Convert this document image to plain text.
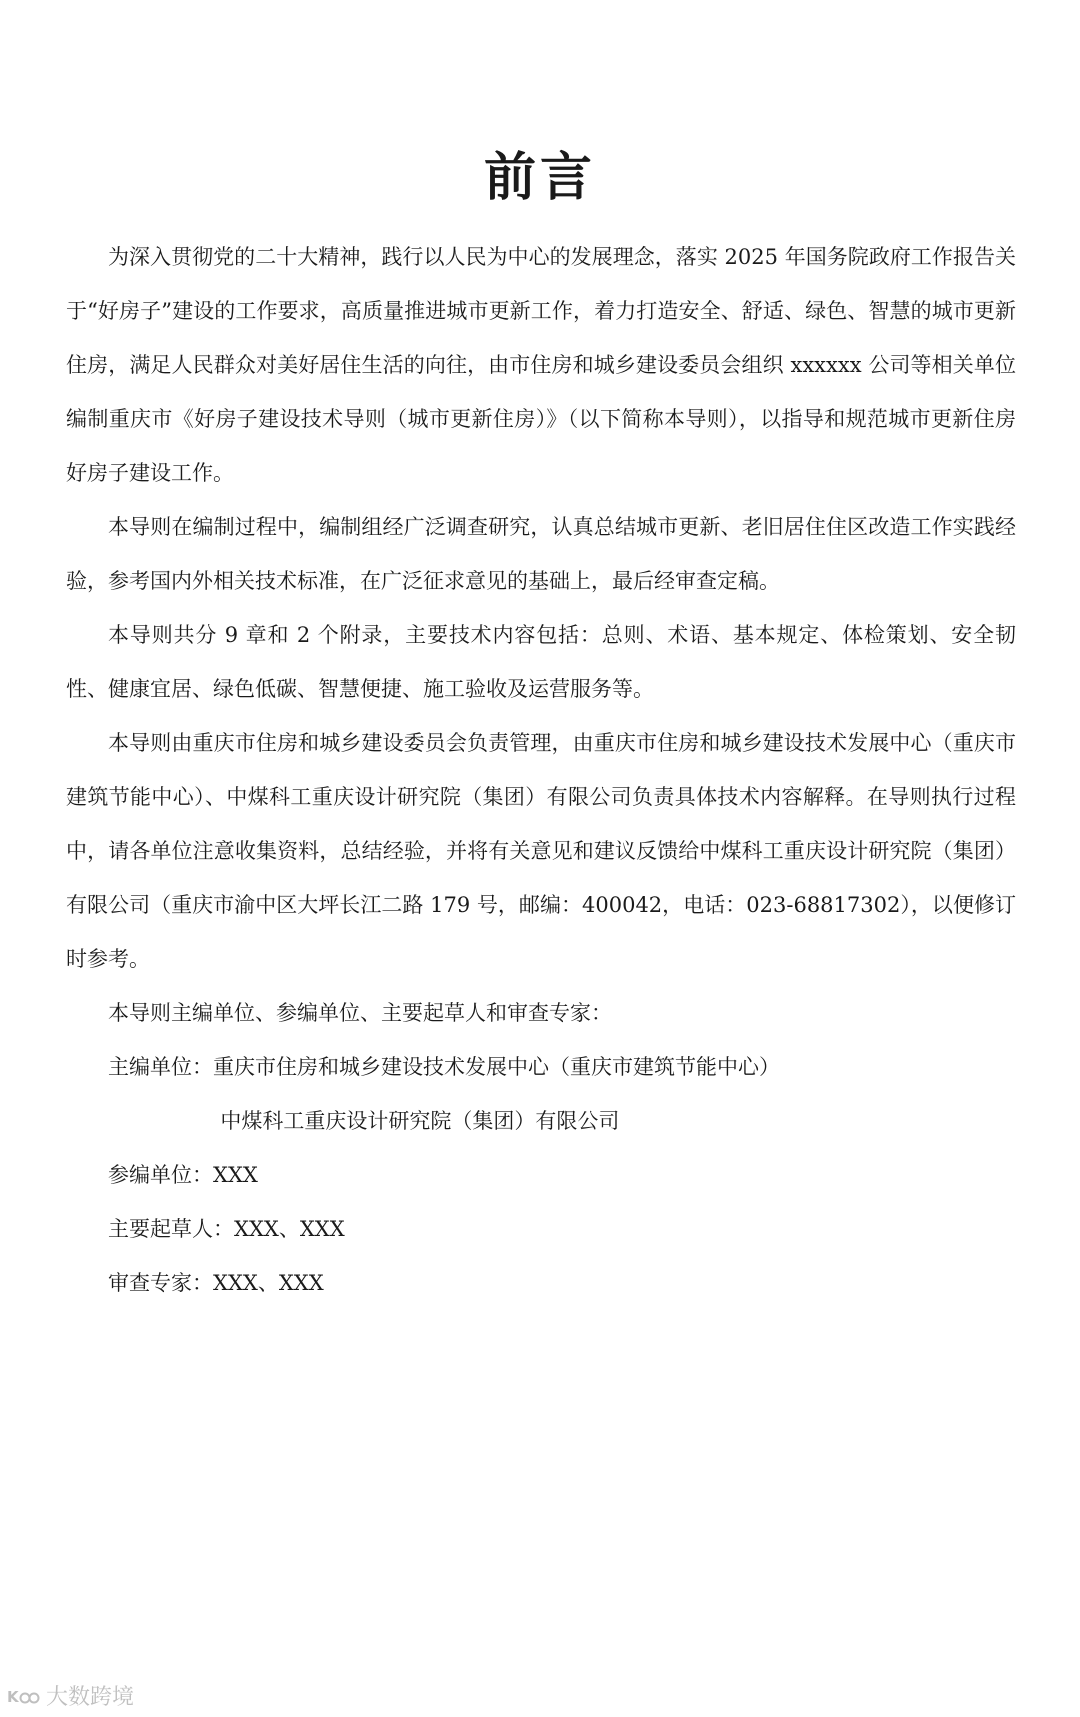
前言

为深入贯彻党的二十大精神，践行以人民为中心的发展理念，落实 2025 年国务院政府工作报告关于“好房子”建设的工作要求，高质量推进城市更新工作，着力打造安全、舒适、绿色、智慧的城市更新住房，满足人民群众对美好居住生活的向往，由市住房和城乡建设委员会组织 xxxxxx 公司等相关单位编制重庆市《好房子建设技术导则（城市更新住房）》（以下简称本导则），以指导和规范城市更新住房好房子建设工作。

本导则在编制过程中，编制组经广泛调查研究，认真总结城市更新、老旧居住住区改造工作实践经验，参考国内外相关技术标准，在广泛征求意见的基础上，最后经审查定稿。

本导则共分 9 章和 2 个附录，主要技术内容包括：总则、术语、基本规定、体检策划、安全韧性、健康宜居、绿色低碳、智慧便捷、施工验收及运营服务等。

本导则由重庆市住房和城乡建设委员会负责管理，由重庆市住房和城乡建设技术发展中心（重庆市建筑节能中心）、中煤科工重庆设计研究院（集团）有限公司负责具体技术内容解释。在导则执行过程中，请各单位注意收集资料，总结经验，并将有关意见和建议反馈给中煤科工重庆设计研究院（集团）有限公司（重庆市渝中区大坪长江二路 179 号，邮编：400042，电话：023-68817302），以便修订时参考。

本导则主编单位、参编单位、主要起草人和审查专家：

主编单位：重庆市住房和城乡建设技术发展中心（重庆市建筑节能中心）

中煤科工重庆设计研究院（集团）有限公司

参编单位：XXX

主要起草人：XXX、XXX

审查专家：XXX、XXX

K 大数跨境
